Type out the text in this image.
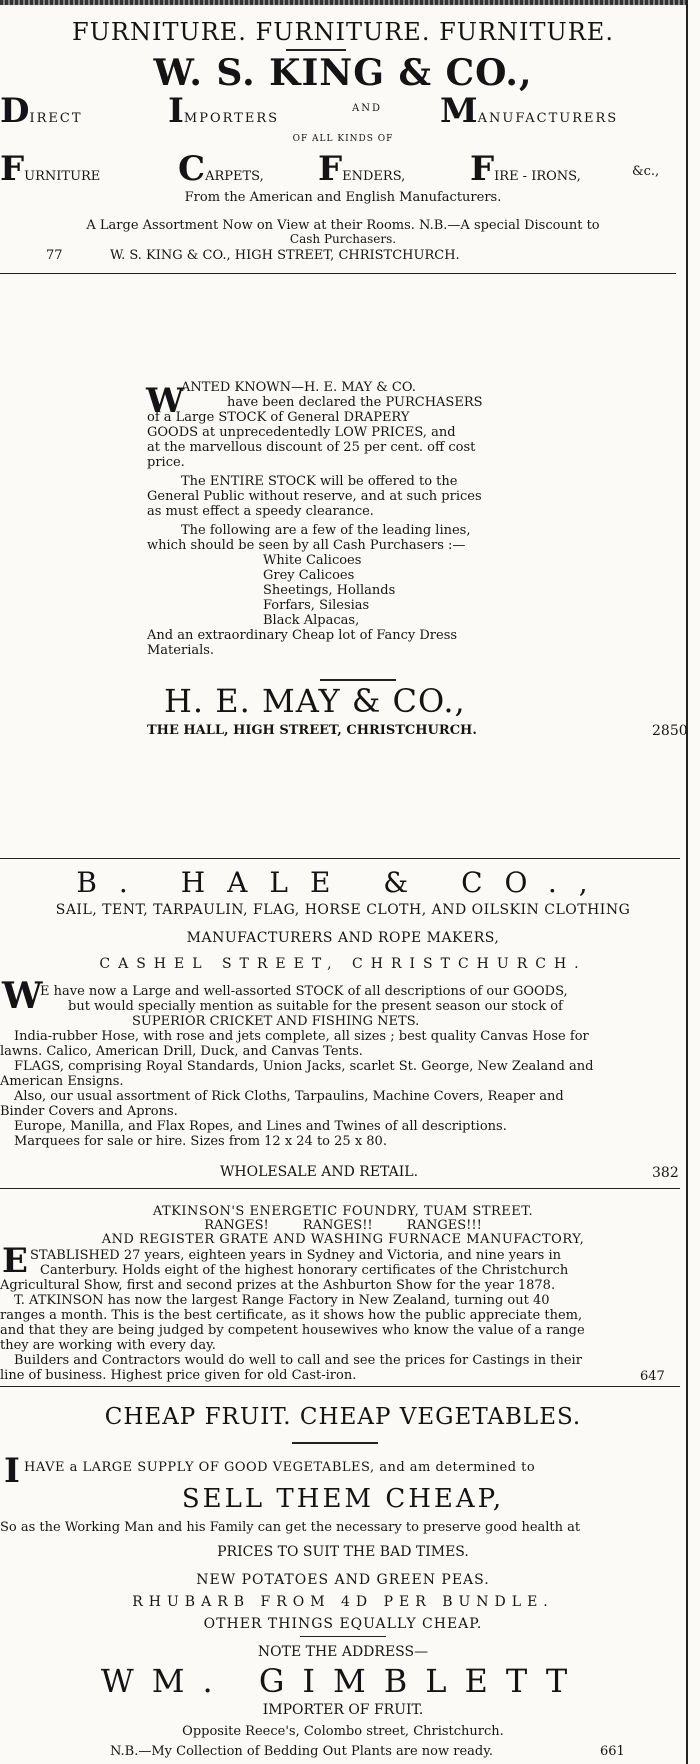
FURNITURE. FURNITURE. FURNITURE.
W. S. KING & CO.,
DIRECT	IMPORTERS
AND MANUFACTURERS
OF ALL KINDS OF
FURNITURE CARPETS, FENDERS, FIRE - IRONS,	&c.,
From the American and English Manufacturers.
A Large Assortment Now on View at their Rooms. N.B.—A special Discount to
Cash Purchasers.
77	W. S. KING & CO., HIGH STREET, CHRISTCHURCH.
W
ANTED KNOWN—H. E. MAY & CO.
have been declared the PURCHASERS
of a Large STOCK of General DRAPERY
GOODS at unprecedentedly LOW PRICES, and
at the marvellous discount of 25 per cent. off cost
price.
The ENTIRE STOCK will be offered to the
General Public without reserve, and at such prices
as must effect a speedy clearance.
The following are a few of the leading lines,
which should be seen by all Cash Purchasers :—
White Calicoes
Grey Calicoes
Sheetings, Hollands
Forfars, Silesias
Black Alpacas,
And an extraordinary Cheap lot of Fancy Dress
Materials.
H. E. MAY & CO.,
THE HALL, HIGH STREET, CHRISTCHURCH.	2850
B. HALE & CO.,
SAIL, TENT, TARPAULIN, FLAG, HORSE CLOTH, AND OILSKIN CLOTHING
MANUFACTURERS AND ROPE MAKERS,
CASHEL STREET, CHRISTCHURCH.
W
E have now a Large and well-assorted STOCK of all descriptions of our GOODS,
but would specially mention as suitable for the present season our stock of
SUPERIOR CRICKET AND FISHING NETS.
India-rubber Hose, with rose and jets complete, all sizes ; best quality Canvas Hose for
lawns. Calico, American Drill, Duck, and Canvas Tents.
FLAGS, comprising Royal Standards, Union Jacks, scarlet St. George, New Zealand and
American Ensigns.
Also, our usual assortment of Rick Cloths, Tarpaulins, Machine Covers, Reaper and
Binder Covers and Aprons.
Europe, Manilla, and Flax Ropes, and Lines and Twines of all descriptions.
Marquees for sale or hire. Sizes from 12 x 24 to 25 x 80.
WHOLESALE AND RETAIL.	382
ATKINSON'S ENERGETIC FOUNDRY, TUAM STREET.
RANGES! RANGES!! RANGES!!!
AND REGISTER GRATE AND WASHING FURNACE MANUFACTORY,
E STABLISHED 27 years, eighteen years in Sydney and Victoria, and nine years in
Canterbury. Holds eight of the highest honorary certificates of the Christchurch
Agricultural Show, first and second prizes at the Ashburton Show for the year 1878.
T. ATKINSON has now the largest Range Factory in New Zealand, turning out 40
ranges a month. This is the best certificate, as it shows how the public appreciate them,
and that they are being judged by competent housewives who know the value of a range
they are working with every day.
Builders and Contractors would do well to call and see the prices for Castings in their
line of business. Highest price given for old Cast-iron.	647
CHEAP FRUIT. CHEAP VEGETABLES.
I HAVE a LARGE SUPPLY OF GOOD VEGETABLES, and am determined to
SELL THEM CHEAP,
So as the Working Man and his Family can get the necessary to preserve good health at
PRICES TO SUIT THE BAD TIMES.
NEW POTATOES AND GREEN PEAS.
RHUBARB FROM 4D PER BUNDLE.
OTHER THINGS EQUALLY CHEAP.
NOTE THE ADDRESS—
WM. GIMBLETT
IMPORTER OF FRUIT.
Opposite Reece's, Colombo street, Christchurch.
N.B.—My Collection of Bedding Out Plants are now ready.	661
